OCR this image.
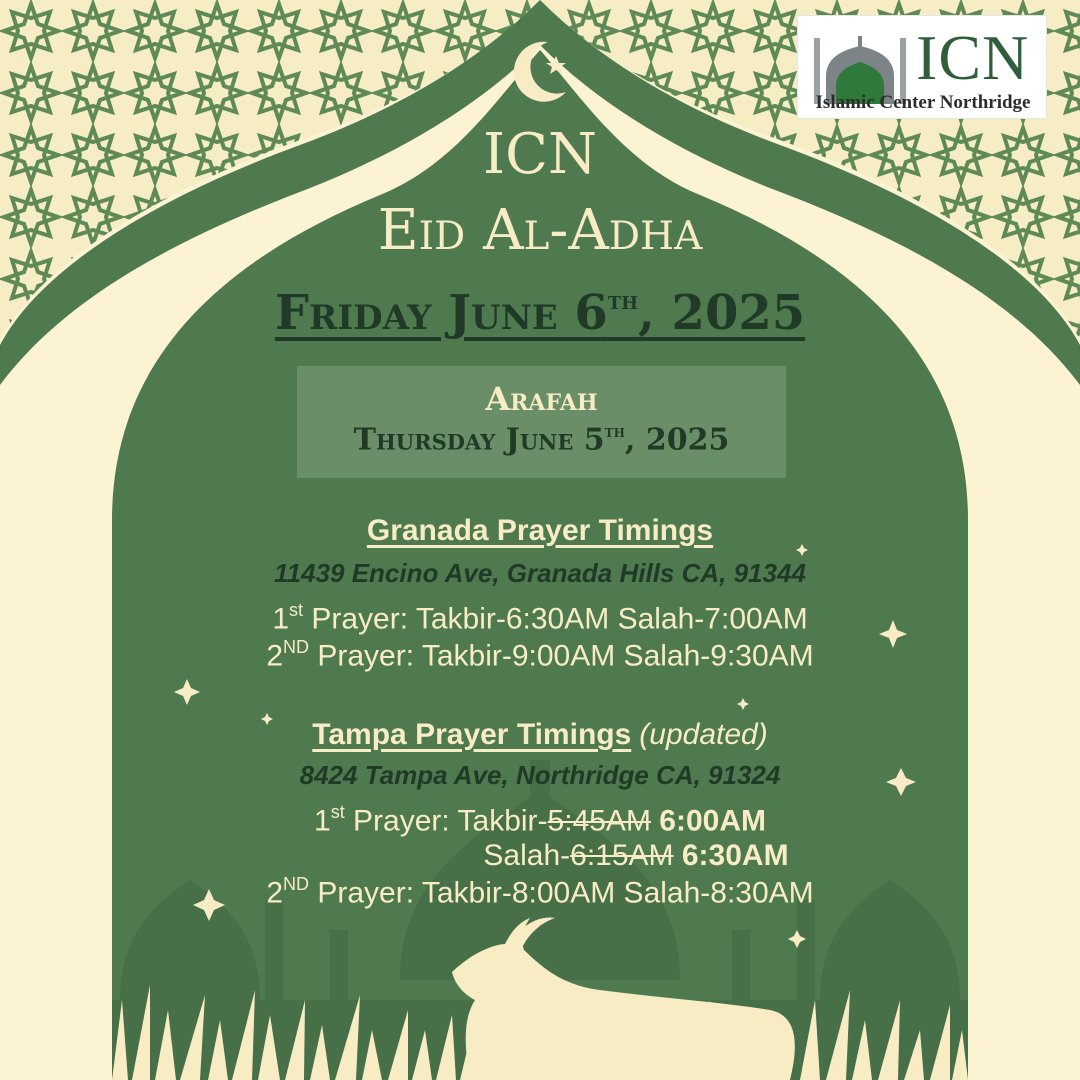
ICN
Islamic Center Northridge
ICN
Eid Al-Adha
Friday June 6th, 2025
Arafah
Thursday June 5th, 2025
Granada Prayer Timings
11439 Encino Ave, Granada Hills CA, 91344
1st Prayer: Takbir-6:30AM Salah-7:00AM
2ND Prayer: Takbir-9:00AM Salah-9:30AM
Tampa Prayer Timings (updated)
8424 Tampa Ave, Northridge CA, 91324
1st Prayer: Takbir-5:45AM 6:00AM
Salah-6:15AM 6:30AM
2ND Prayer: Takbir-8:00AM Salah-8:30AM
